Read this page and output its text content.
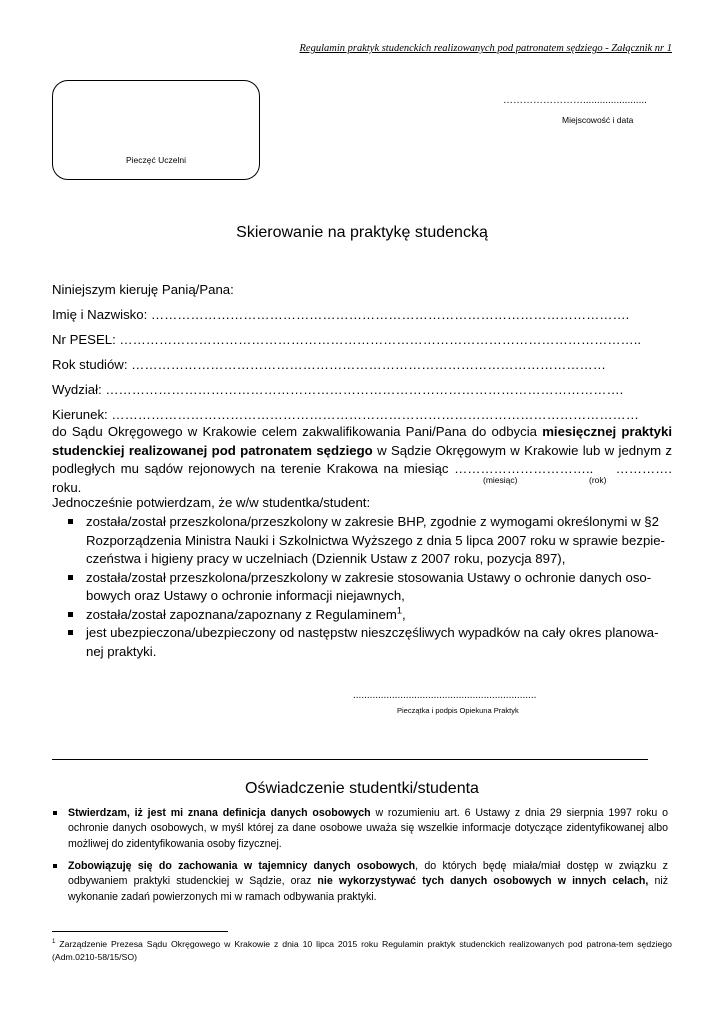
Regulamin praktyk studenckich realizowanych pod patronatem sędziego - Załącznik nr 1
Pieczęć Uczelni
…………………….......................
Miejscowość i data
Skierowanie na praktykę studencką
Niniejszym kieruję Panią/Pana:
Imię i Nazwisko: ……………………………………………………………………………………………….
Nr PESEL: ………………………………………………………………………………………………………..
Rok studiów: ………………………………………………………………………………………………
Wydział: ……………………………………………………………………………………………………….
Kierunek: …………………………………………………………………………………………………………
do Sądu Okręgowego w Krakowie celem zakwalifikowania Pani/Pana do odbycia miesięcznej praktyki studenckiej realizowanej pod patronatem sędziego w Sądzie Okręgowym w Krakowie lub w jednym z podległych mu sądów rejonowych na terenie Krakowa na miesiąc ………………………….. …………. roku.	(miesiąc)	(rok)
Jednocześnie potwierdzam, że w/w studentka/student:
została/został przeszkolona/przeszkolony w zakresie BHP, zgodnie z wymogami określonymi w §2 Rozporządzenia Ministra Nauki i Szkolnictwa Wyższego z dnia 5 lipca 2007 roku w sprawie bezpie-czeństwa i higieny pracy w uczelniach (Dziennik Ustaw z 2007 roku, pozycja 897),
została/został przeszkolona/przeszkolony w zakresie stosowania Ustawy o ochronie danych oso-bowych oraz Ustawy o ochronie informacji niejawnych,
została/został zapoznana/zapoznany z Regulaminem$^1$,
jest ubezpieczona/ubezpieczony od następstw nieszczęśliwych wypadków na cały okres planowa-nej praktyki.
..................................................................
Pieczątka i podpis Opiekuna Praktyk
Oświadczenie studentki/studenta
Stwierdzam, iż jest mi znana definicja danych osobowych w rozumieniu art. 6 Ustawy z dnia 29 sierpnia 1997 roku o ochronie danych osobowych, w myśl której za dane osobowe uważa się wszelkie informacje dotyczące zidentyfikowanej albo możliwej do zidentyfikowania osoby fizycznej.
Zobowiązuję się do zachowania w tajemnicy danych osobowych, do których będę miała/miał dostęp w związku z odbywaniem praktyki studenckiej w Sądzie, oraz nie wykorzystywać tych danych osobowych w innych celach, niż wykonanie zadań powierzonych mi w ramach odbywania praktyki.
$^1$ Zarządzenie Prezesa Sądu Okręgowego w Krakowie z dnia 10 lipca 2015 roku Regulamin praktyk studenckich realizowanych pod patrona-tem sędziego (Adm.0210-58/15/SO)
